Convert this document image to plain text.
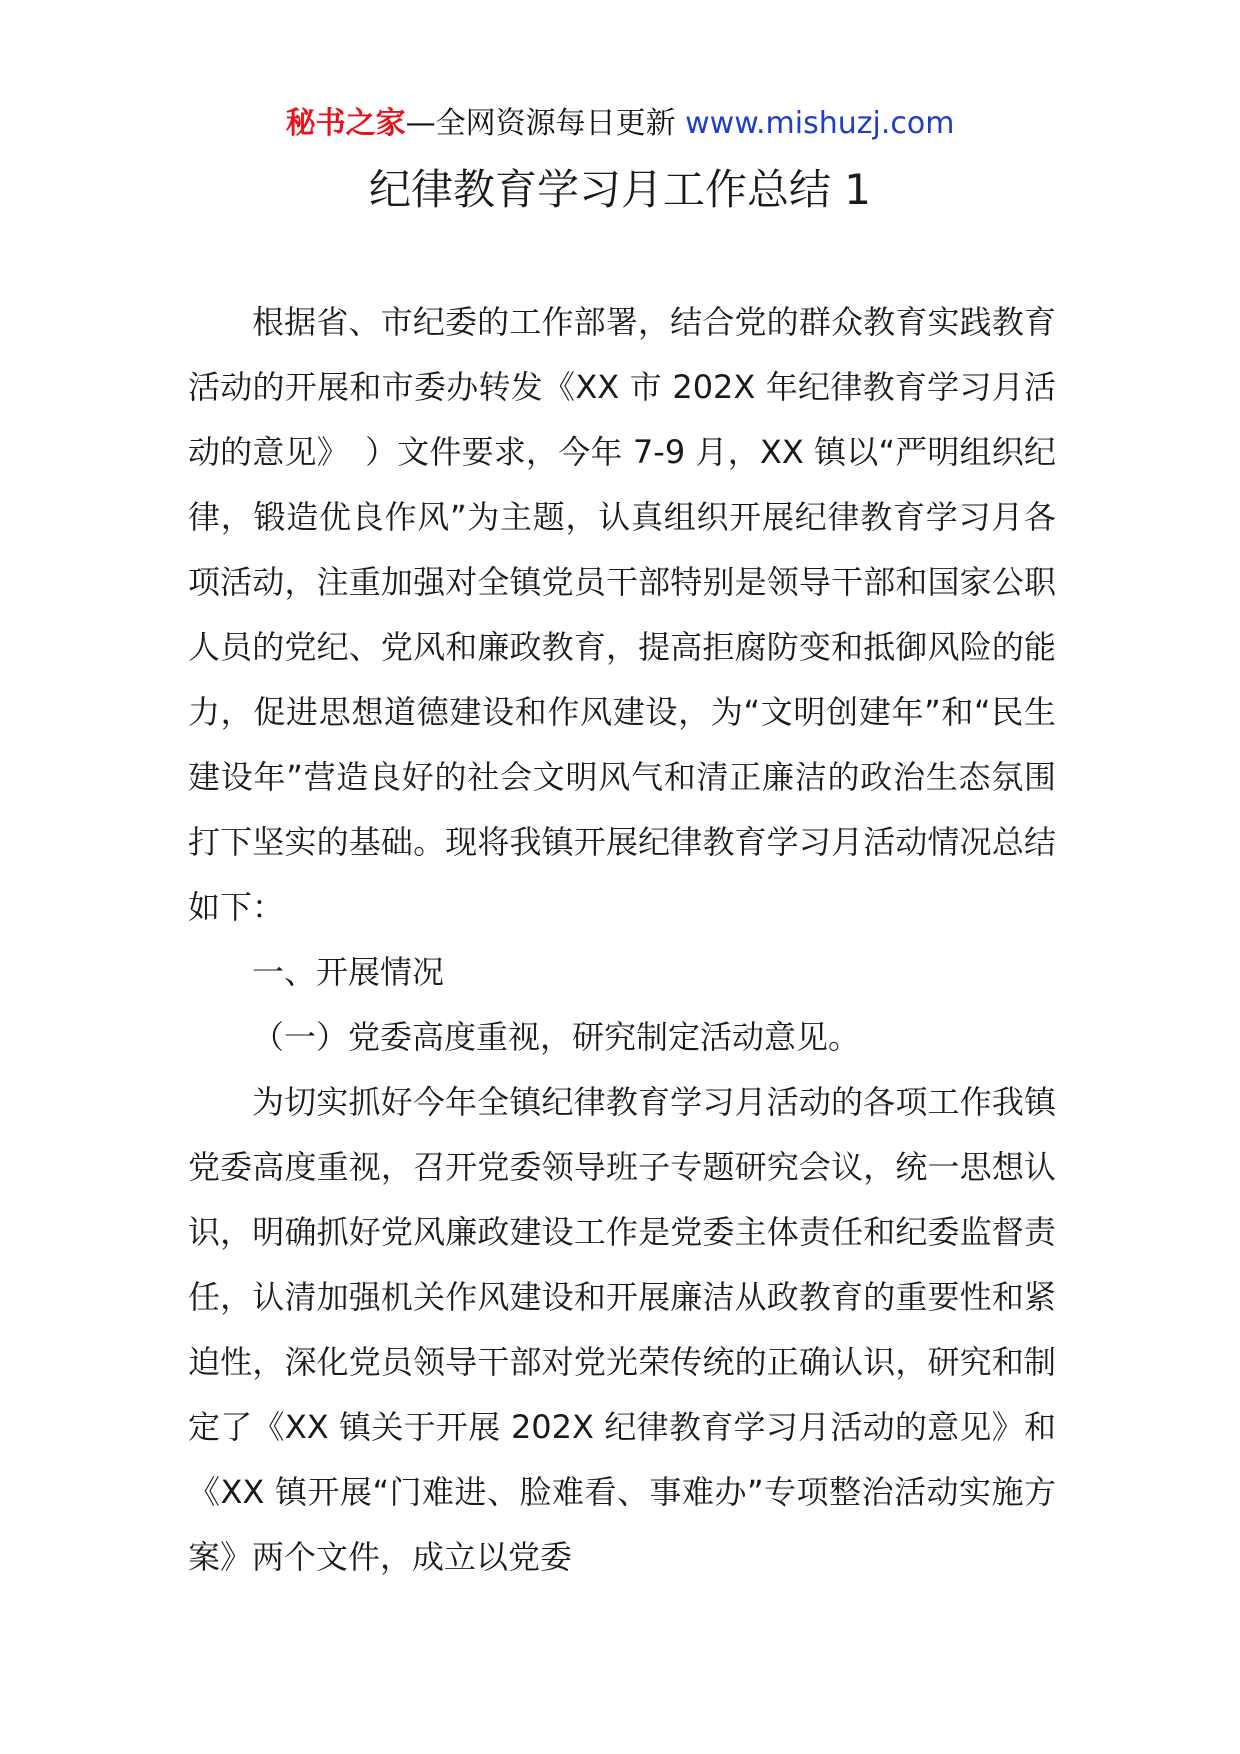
秘书之家—全网资源每日更新 www.mishuzj.com
纪律教育学习月工作总结 1

根据省、市纪委的工作部署，结合党的群众教育实践教育活动的开展和市委办转发《XX 市 202X 年纪律教育学习月活动的意见》　）文件要求，今年 7-9 月，XX 镇以“严明组织纪律，锻造优良作风”为主题，认真组织开展纪律教育学习月各项活动，注重加强对全镇党员干部特别是领导干部和国家公职人员的党纪、党风和廉政教育，提高拒腐防变和抵御风险的能力，促进思想道德建设和作风建设，为“文明创建年”和“民生建设年”营造良好的社会文明风气和清正廉洁的政治生态氛围打下坚实的基础。现将我镇开展纪律教育学习月活动情况总结如下：

一、开展情况

（一）党委高度重视，研究制定活动意见。

为切实抓好今年全镇纪律教育学习月活动的各项工作我镇党委高度重视，召开党委领导班子专题研究会议，统一思想认识，明确抓好党风廉政建设工作是党委主体责任和纪委监督责任，认清加强机关作风建设和开展廉洁从政教育的重要性和紧迫性，深化党员领导干部对党光荣传统的正确认识，研究和制定了《XX 镇关于开展 202X 纪律教育学习月活动的意见》和《XX 镇开展“门难进、脸难看、事难办”专项整治活动实施方案》两个文件，成立以党委
